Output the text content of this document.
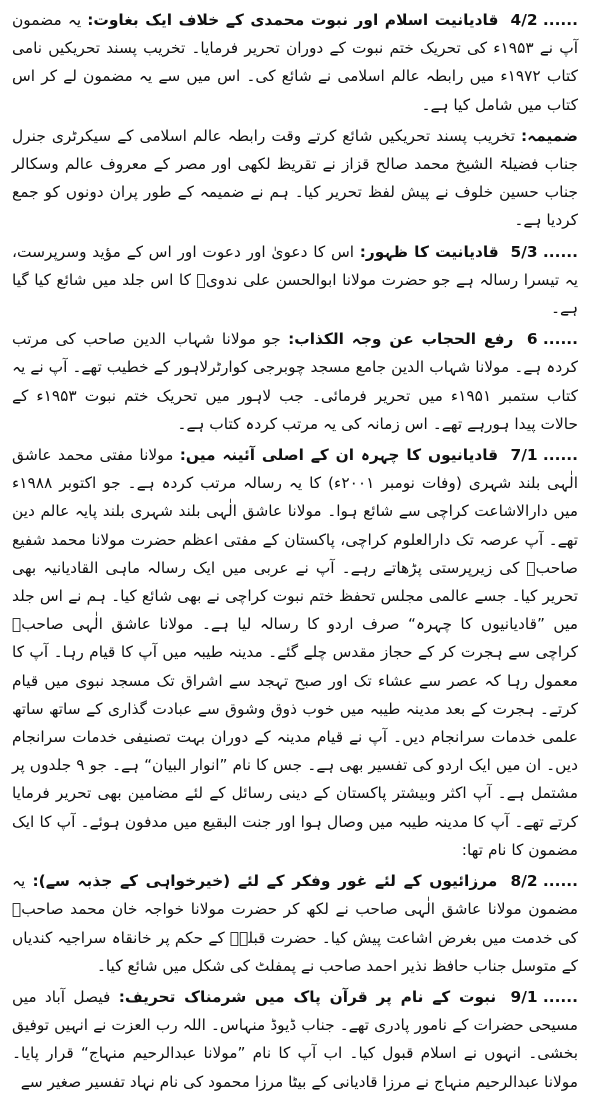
4/2 ...... قادیانیت اسلام اور نبوت محمدی کے خلاف ایک بغاوت: یہ مضمون آپ نے ۱۹۵۳ء کی تحریک ختم نبوت کے دوران تحریر فرمایا۔ تخریب پسند تحریکیں نامی کتاب ۱۹۷۲ء میں رابطہ عالم اسلامی نے شائع کی۔ اس میں سے یہ مضمون لے کر اس کتاب میں شامل کیا ہے۔

ضمیمہ: تخریب پسند تحریکیں شائع کرتے وقت رابطہ عالم اسلامی کے سیکرٹری جنرل جناب فضیلۃ الشیخ محمد صالح قزاز نے تقریظ لکھی اور مصر کے معروف عالم وسکالر جناب حسین خلوف نے پیش لفظ تحریر کیا۔ ہم نے ضمیمہ کے طور پران دونوں کو جمع کردیا ہے۔

5/3 ...... قادیانیت کا ظہور: اس کا دعویٰ اور دعوت اور اس کے مؤید وسرپرست، یہ تیسرا رسالہ ہے جو حضرت مولانا ابوالحسن علی ندویؒ کا اس جلد میں شائع کیا گیا ہے۔

6 ...... رفع الحجاب عن وجہ الکذاب: جو مولانا شہاب الدین صاحب کی مرتب کردہ ہے۔ مولانا شہاب الدین جامع مسجد چوبرجی کوارٹرلاہور کے خطیب تھے۔ آپ نے یہ کتاب ستمبر ۱۹۵۱ء میں تحریر فرمائی۔ جب لاہور میں تحریک ختم نبوت ۱۹۵۳ء کے حالات پیدا ہورہے تھے۔ اس زمانہ کی یہ مرتب کردہ کتاب ہے۔

7/1 ...... قادیانیوں کا چہرہ ان کے اصلی آئینہ میں: مولانا مفتی محمد عاشق الٰہی بلند شہری (وفات نومبر ۲۰۰۱ء) کا یہ رسالہ مرتب کردہ ہے۔ جو اکتوبر ۱۹۸۸ء میں دارالاشاعت کراچی سے شائع ہوا۔ مولانا عاشق الٰہی بلند شہری بلند پایہ عالم دین تھے۔ آپ عرصہ تک دارالعلوم کراچی، پاکستان کے مفتی اعظم حضرت مولانا محمد شفیع صاحبؒ کی زیرپرستی پڑھاتے رہے۔ آپ نے عربی میں ایک رسالہ ماہی القادیانیہ بھی تحریر کیا۔ جسے عالمی مجلس تحفظ ختم نبوت کراچی نے بھی شائع کیا۔ ہم نے اس جلد میں ”قادیانیوں کا چہرہ“ صرف اردو کا رسالہ لیا ہے۔ مولانا عاشق الٰہی صاحبؒ کراچی سے ہجرت کر کے حجاز مقدس چلے گئے۔ مدینہ طیبہ میں آپ کا قیام رہا۔ آپ کا معمول رہا کہ عصر سے عشاء تک اور صبح تہجد سے اشراق تک مسجد نبوی میں قیام کرتے۔ ہجرت کے بعد مدینہ طیبہ میں خوب ذوق وشوق سے عبادت گذاری کے ساتھ ساتھ علمی خدمات سرانجام دیں۔ آپ نے قیام مدینہ کے دوران بہت تصنیفی خدمات سرانجام دیں۔ ان میں ایک اردو کی تفسیر بھی ہے۔ جس کا نام ”انوار البیان“ ہے۔ جو ۹ جلدوں پر مشتمل ہے۔ آپ اکثر وبیشتر پاکستان کے دینی رسائل کے لئے مضامین بھی تحریر فرمایا کرتے تھے۔ آپ کا مدینہ طیبہ میں وصال ہوا اور جنت البقیع میں مدفون ہوئے۔ آپ کا ایک مضمون کا نام تھا:

8/2 ...... مرزائیوں کے لئے غور وفکر کے لئے (خیرخواہی کے جذبہ سے): یہ مضمون مولانا عاشق الٰہی صاحب نے لکھ کر حضرت مولانا خواجہ خان محمد صاحبؒ کی خدمت میں بغرض اشاعت پیش کیا۔ حضرت قبلہؒ کے حکم پر خانقاہ سراجیہ کندیاں کے متوسل جناب حافظ نذیر احمد صاحب نے پمفلٹ کی شکل میں شائع کیا۔

9/1 ...... نبوت کے نام پر قرآن پاک میں شرمناک تحریف: فیصل آباد میں مسیحی حضرات کے نامور پادری تھے۔ جناب ڈیوڈ منہاس۔ اللہ رب العزت نے انہیں توفیق بخشی۔ انہوں نے اسلام قبول کیا۔ اب آپ کا نام ”مولانا عبدالرحیم منہاج“ قرار پایا۔ مولانا عبدالرحیم منہاج نے مرزا قادیانی کے بیٹا مرزا محمود کی نام نہاد تفسیر صغیر سے
